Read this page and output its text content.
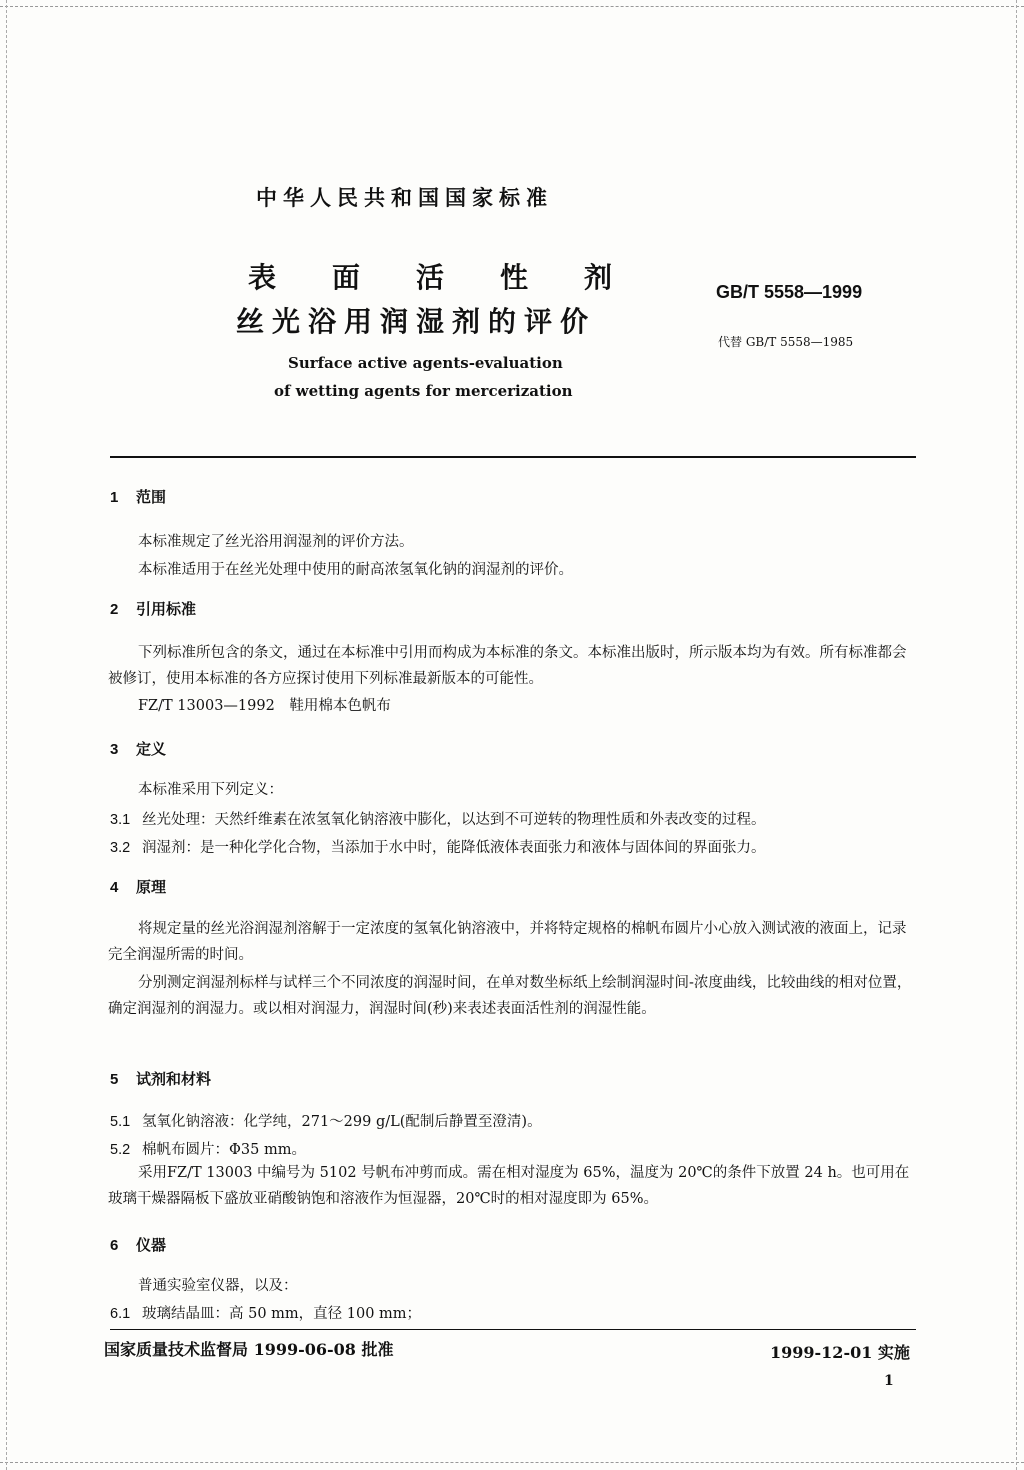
中华人民共和国国家标准
表面活性剂
丝光浴用润湿剂的评价
Surface active agents-evaluation
of wetting agents for mercerization
GB/T 5558—1999
代替 GB/T 5558—1985
1 范围
本标准规定了丝光浴用润湿剂的评价方法。
本标准适用于在丝光处理中使用的耐高浓氢氧化钠的润湿剂的评价。
2 引用标准
下列标准所包含的条文，通过在本标准中引用而构成为本标准的条文。本标准出版时，所示版本均为有效。所有标准都会被修订，使用本标准的各方应探讨使用下列标准最新版本的可能性。
FZ/T 13003—1992　鞋用棉本色帆布
3 定义
本标准采用下列定义：
3.1 丝光处理：天然纤维素在浓氢氧化钠溶液中膨化，以达到不可逆转的物理性质和外表改变的过程。
3.2 润湿剂：是一种化学化合物，当添加于水中时，能降低液体表面张力和液体与固体间的界面张力。
4 原理
将规定量的丝光浴润湿剂溶解于一定浓度的氢氧化钠溶液中，并将特定规格的棉帆布圆片小心放入测试液的液面上，记录完全润湿所需的时间。
分别测定润湿剂标样与试样三个不同浓度的润湿时间，在单对数坐标纸上绘制润湿时间-浓度曲线，比较曲线的相对位置，确定润湿剂的润湿力。或以相对润湿力，润湿时间(秒)来表述表面活性剂的润湿性能。
5 试剂和材料
5.1 氢氧化钠溶液：化学纯，271～299 g/L(配制后静置至澄清)。
5.2 棉帆布圆片：Φ35 mm。
采用FZ/T 13003 中编号为 5102 号帆布冲剪而成。需在相对湿度为 65%，温度为 20℃的条件下放置 24 h。也可用在玻璃干燥器隔板下盛放亚硝酸钠饱和溶液作为恒湿器，20℃时的相对湿度即为 65%。
6 仪器
普通实验室仪器，以及：
6.1 玻璃结晶皿：高 50 mm，直径 100 mm；
国家质量技术监督局 1999-06-08 批准	1999-12-01 实施
1
